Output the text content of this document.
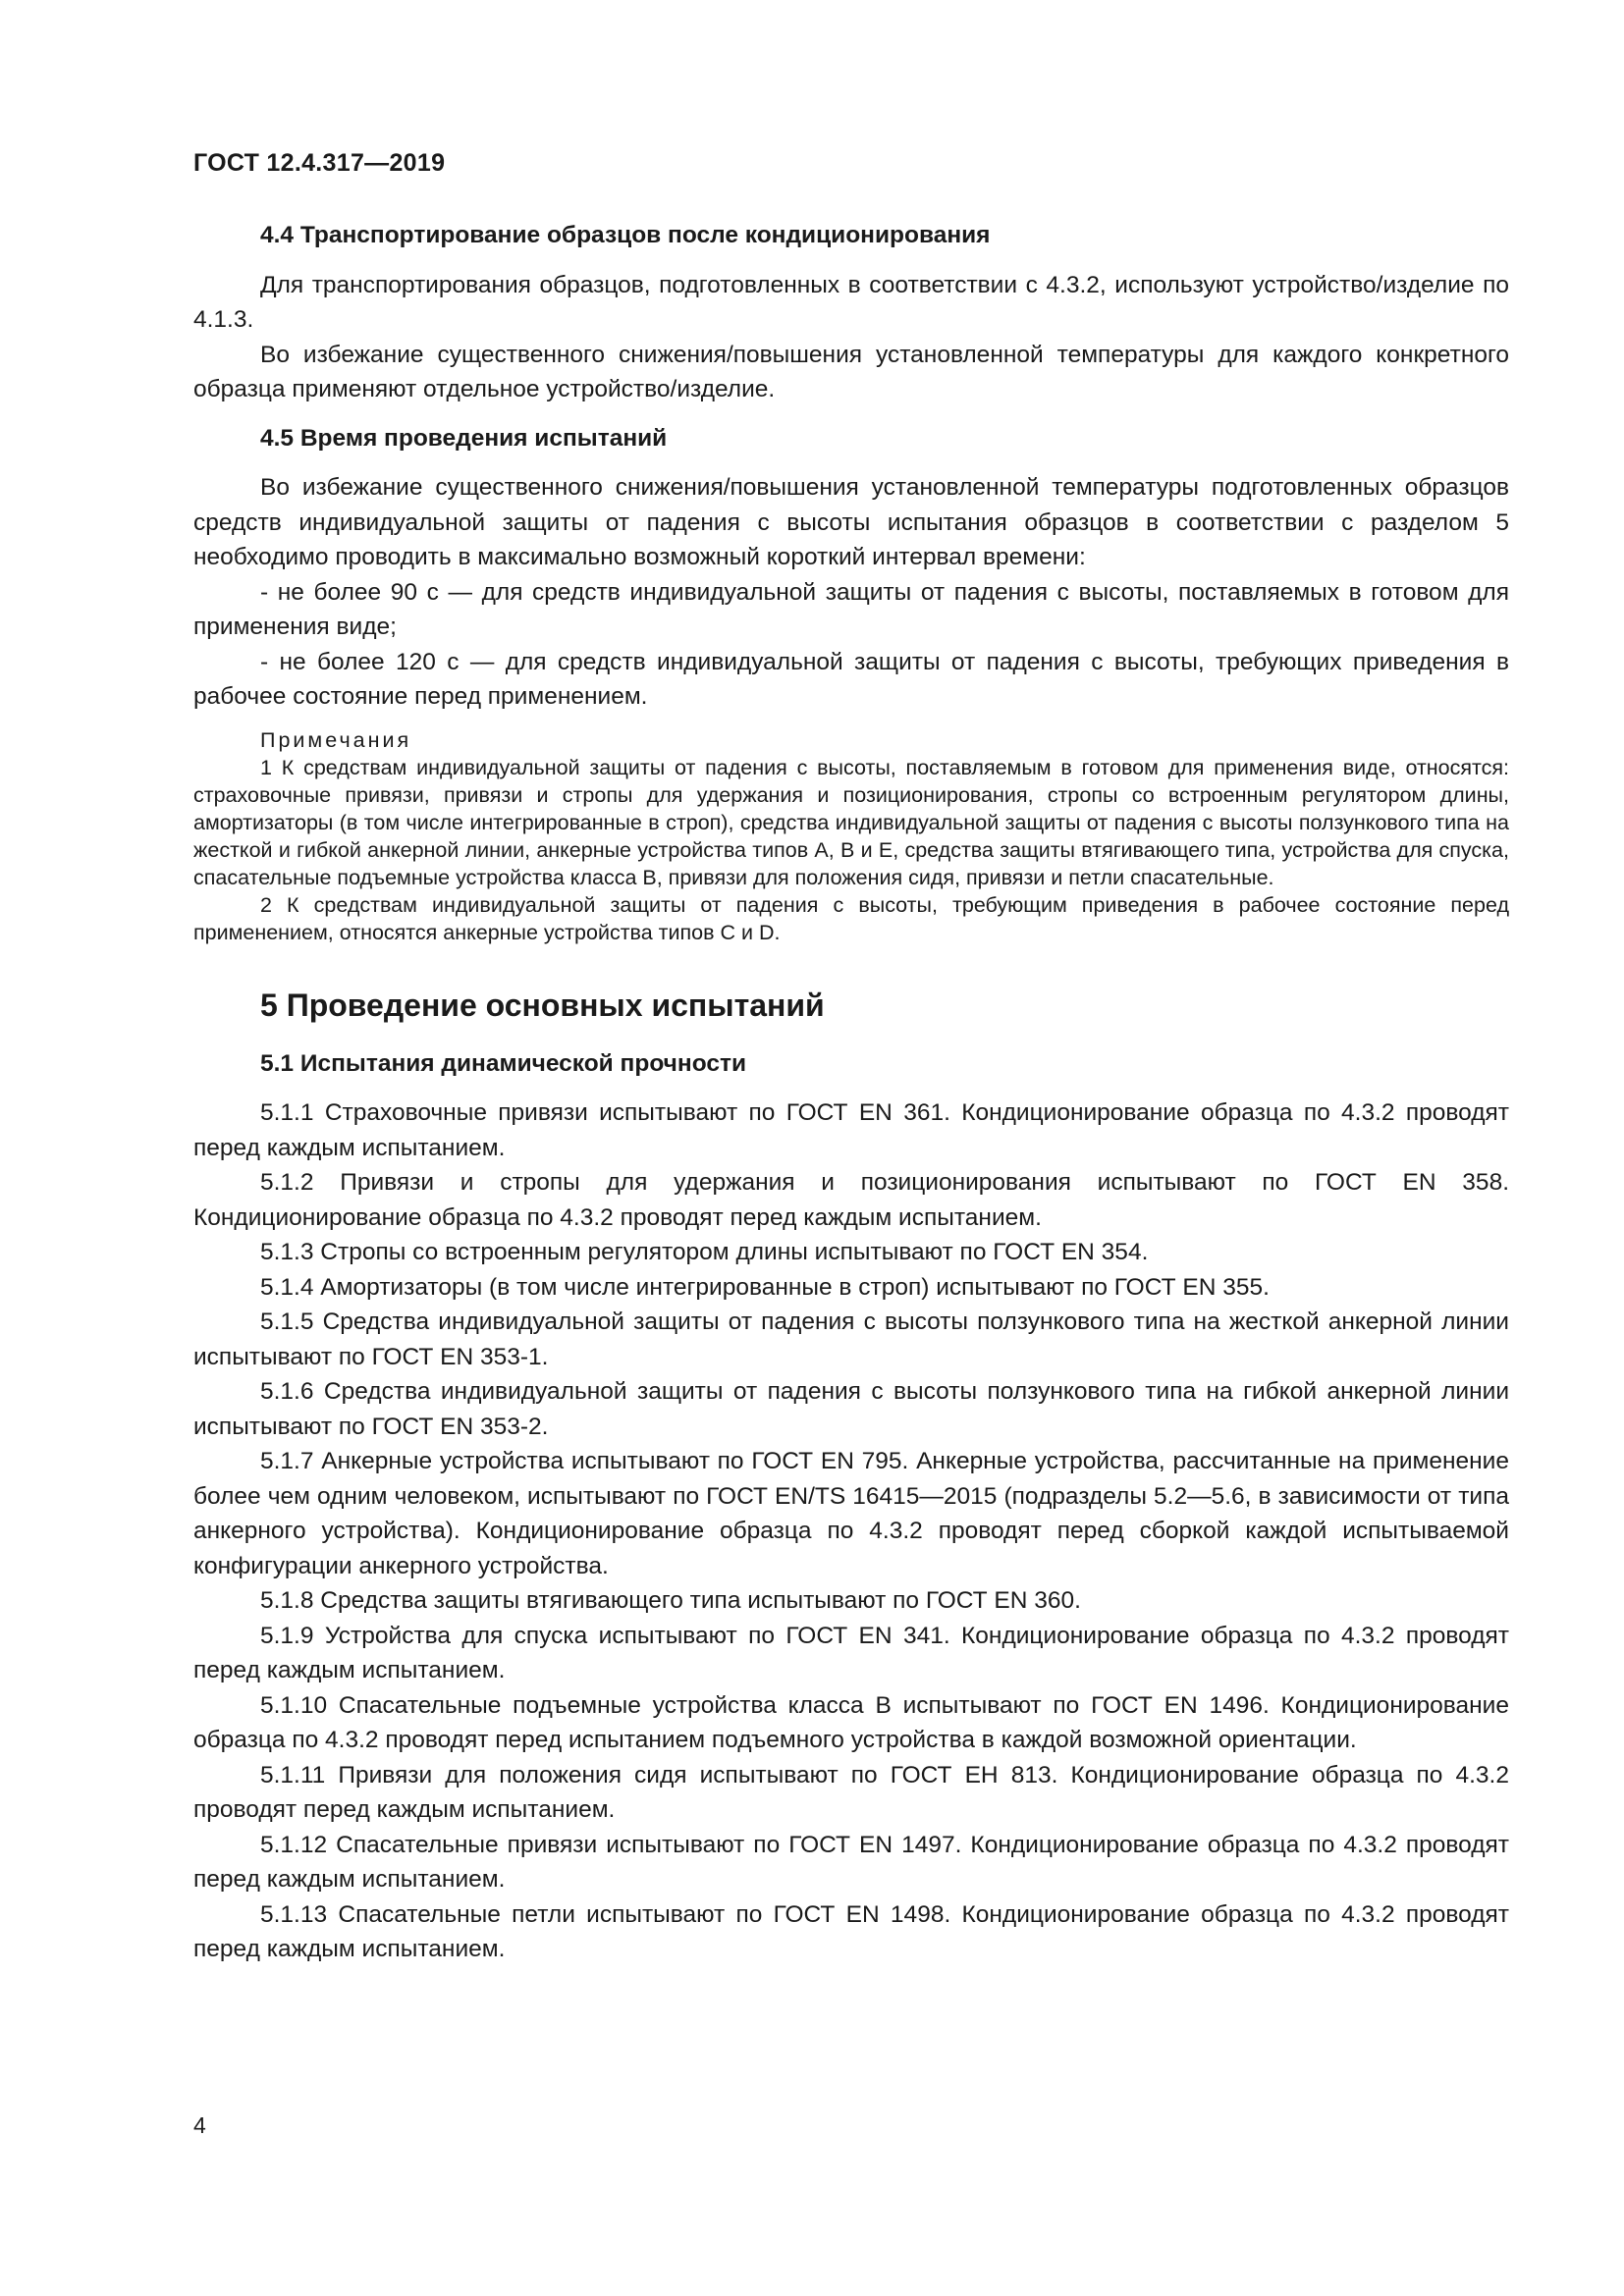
ГОСТ 12.4.317—2019
4.4 Транспортирование образцов после кондиционирования

Для транспортирования образцов, подготовленных в соответствии с 4.3.2, используют устройство/изделие по 4.1.3.

Во избежание существенного снижения/повышения установленной температуры для каждого конкретного образца применяют отдельное устройство/изделие.

4.5 Время проведения испытаний

Во избежание существенного снижения/повышения установленной температуры подготовленных образцов средств индивидуальной защиты от падения с высоты испытания образцов в соответствии с разделом 5 необходимо проводить в максимально возможный короткий интервал времени:

- не более 90 с — для средств индивидуальной защиты от падения с высоты, поставляемых в готовом для применения виде;

- не более 120 с — для средств индивидуальной защиты от падения с высоты, требующих приведения в рабочее состояние перед применением.

Примечания

1 К средствам индивидуальной защиты от падения с высоты, поставляемым в готовом для применения виде, относятся: страховочные привязи, привязи и стропы для удержания и позиционирования, стропы со встроенным регулятором длины, амортизаторы (в том числе интегрированные в строп), средства индивидуальной защиты от падения с высоты ползункового типа на жесткой и гибкой анкерной линии, анкерные устройства типов А, В и Е, средства защиты втягивающего типа, устройства для спуска, спасательные подъемные устройства класса В, привязи для положения сидя, привязи и петли спасательные.

2 К средствам индивидуальной защиты от падения с высоты, требующим приведения в рабочее состояние перед применением, относятся анкерные устройства типов С и D.

5 Проведение основных испытаний
5.1 Испытания динамической прочности

5.1.1 Страховочные привязи испытывают по ГОСТ EN 361. Кондиционирование образца по 4.3.2 проводят перед каждым испытанием.

5.1.2 Привязи и стропы для удержания и позиционирования испытывают по ГОСТ EN 358. Кондиционирование образца по 4.3.2 проводят перед каждым испытанием.

5.1.3 Стропы со встроенным регулятором длины испытывают по ГОСТ EN 354.

5.1.4 Амортизаторы (в том числе интегрированные в строп) испытывают по ГОСТ EN 355.

5.1.5 Средства индивидуальной защиты от падения с высоты ползункового типа на жесткой анкерной линии испытывают по ГОСТ EN 353-1.

5.1.6 Средства индивидуальной защиты от падения с высоты ползункового типа на гибкой анкерной линии испытывают по ГОСТ EN 353-2.

5.1.7 Анкерные устройства испытывают по ГОСТ EN 795. Анкерные устройства, рассчитанные на применение более чем одним человеком, испытывают по ГОСТ EN/TS 16415—2015 (подразделы 5.2—5.6, в зависимости от типа анкерного устройства). Кондиционирование образца по 4.3.2 проводят перед сборкой каждой испытываемой конфигурации анкерного устройства.

5.1.8 Средства защиты втягивающего типа испытывают по ГОСТ EN 360.

5.1.9 Устройства для спуска испытывают по ГОСТ EN 341. Кондиционирование образца по 4.3.2 проводят перед каждым испытанием.

5.1.10 Спасательные подъемные устройства класса В испытывают по ГОСТ EN 1496. Кондиционирование образца по 4.3.2 проводят перед испытанием подъемного устройства в каждой возможной ориентации.

5.1.11 Привязи для положения сидя испытывают по ГОСТ ЕН 813. Кондиционирование образца по 4.3.2 проводят перед каждым испытанием.

5.1.12 Спасательные привязи испытывают по ГОСТ EN 1497. Кондиционирование образца по 4.3.2 проводят перед каждым испытанием.

5.1.13 Спасательные петли испытывают по ГОСТ EN 1498. Кондиционирование образца по 4.3.2 проводят перед каждым испытанием.

4
